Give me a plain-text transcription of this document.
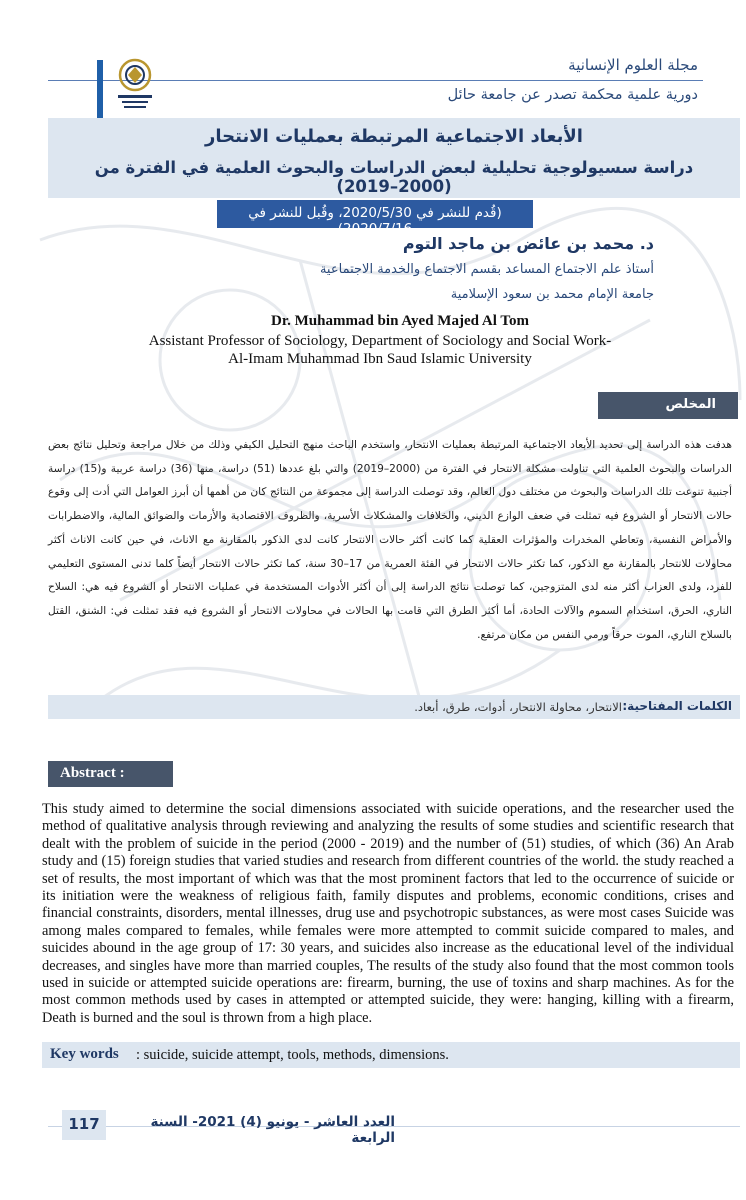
مجلة العلوم الإنسانية
دورية علمية محكمة تصدر عن جامعة حائل
الأبعاد الاجتماعية المرتبطة بعمليات الانتحار
دراسة سسيولوجية تحليلية لبعض الدراسات والبحوث العلمية في الفترة من (2000–2019)
(قُدم للنشر في 2020/5/30، وقُبل للنشر في 2020/7/16)
د. محمد بن عائض بن ماجد التوم
أستاذ علم الاجتماع المساعد بقسم الاجتماع والخدمة الاجتماعية
جامعة الإمام محمد بن سعود الإسلامية
Dr. Muhammad bin Ayed Majed Al Tom
Assistant Professor of Sociology, Department of Sociology and Social Work-
Al-Imam Muhammad Ibn Saud Islamic University
المخلص
هدفت هذه الدراسة إلى تحديد الأبعاد الاجتماعية المرتبطة بعمليات الانتحار، واستخدم الباحث منهج التحليل الكيفي وذلك من خلال مراجعة وتحليل نتائج بعض الدراسات والبحوث العلمية التي تناولت مشكلة الانتحار في الفترة من (2000–2019) والتي بلغ عددها (51) دراسة، منها (36) دراسة عربية و(15) دراسة أجنبية تنوعت تلك الدراسات والبحوث من مختلف دول العالم، وقد توصلت الدراسة إلى مجموعة من النتائج كان من أهمها أن أبرز العوامل التي أدت إلى وقوع حالات الانتحار أو الشروع فيه تمثلت في ضعف الوازع الديني، والخلافات والمشكلات الأسرية، والظروف الاقتصادية والأزمات والضوائق المالية، والاضطرابات والأمراض النفسية، وتعاطي المخدرات والمؤثرات العقلية كما كانت أكثر حالات الانتحار كانت لدى الذكور بالمقارنة مع الاناث، في حين كانت الاناث أكثر محاولات للانتحار بالمقارنة مع الذكور، كما تكثر حالات الانتحار في الفئة العمرية من 17–30 سنة، كما تكثر حالات الانتحار أيضاً كلما تدنى المستوى التعليمي للفرد، ولدى العزاب أكثر منه لدى المتزوجين، كما توصلت نتائج الدراسة إلى أن أكثر الأدوات المستخدمة في عمليات الانتحار أو الشروع فيه هي: السلاح الناري، الحرق، استخدام السموم والآلات الحادة، أما أكثر الطرق التي قامت بها الحالات في محاولات الانتحار أو الشروع فيه فقد تمثلت في: الشنق، القتل بالسلاح الناري، الموت حرقاً ورمي النفس من مكان مرتفع.
الكلمات المفتاحية:
الانتحار، محاولة الانتحار، أدوات، طرق، أبعاد.
Abstract :
This study aimed to determine the social dimensions associated with suicide operations, and the researcher used the method of qualitative analysis through reviewing and analyzing the results of some studies and scientific research that dealt with the problem of suicide in the period (2000 - 2019) and the number of (51) studies, of which (36) An Arab study and (15) foreign studies that varied studies and research from different countries of the world. the study reached a set of results, the most important of which was that the most prominent factors that led to the occurrence of suicide or its initiation were the weakness of religious faith, family disputes and problems, economic conditions, crises and financial constraints, disorders, mental illnesses, drug use and psychotropic substances, as were most cases Suicide was among males compared to females, while females were more attempted to commit suicide compared to males, and suicides abound in the age group of 17: 30 years, and suicides also increase as the educational level of the individual decreases, and singles have more than married couples, The results of the study also found that the most common tools used in suicide or attempted suicide operations are: firearm, burning, the use of toxins and sharp machines. As for the most common methods used by cases in attempted or attempted suicide, they were: hanging, killing with a firearm, Death is burned and the soul is thrown from a high place.
Key words : suicide, suicide attempt, tools, methods, dimensions.
117	العدد العاشر - يونيو (4) 2021- السنة الرابعة
